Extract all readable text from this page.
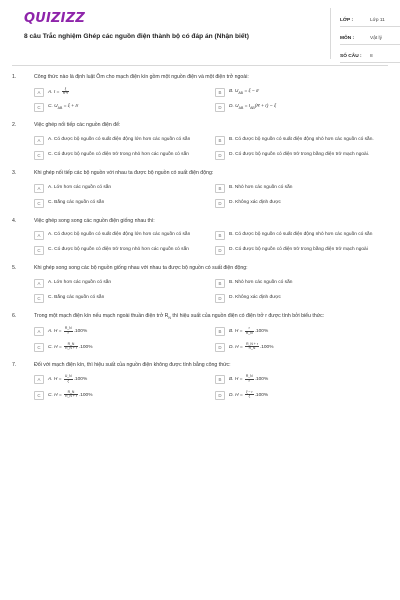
QUIZIZZ
8 câu Trắc nghiệm Ghép các nguồn điện thành bộ có đáp án (Nhận biết)
LỚP :	Lớp 11
MÔN :	Vật lý
SỐ CÂU :	8
1.	Công thức nào là định luật Ôm cho mạch điện kín gồm một nguồn điện và một điện trở ngoài:
A	A. $I = \frac{\xi}{R+r}$	B	B. $U_{AB} = \xi - Ir$
C	C. $U_{AB} = \xi + Ir$	D	D. $U_{AB} = I_{AB}(R + r) - \xi$
2.	Việc ghép nối tiếp các nguồn điện để:
A	A. Có được bộ nguồn có suất điện động lớn hơn các nguồn có sẵn	B	B. Có được bộ nguồn có suất điện động nhỏ hơn các nguồn có sẵn.
C	C. Có được bộ nguồn có điện trở trong nhỏ hơn các nguồn có sẵn	D	D. Có được bộ nguồn có điện trở trong bằng điện trở mạch ngoài.
3.	Khi ghép nối tiếp các bộ nguồn với nhau ta được bộ nguồn có suất điện động:
A	A. Lớn hơn các nguồn có sẵn	B	B. Nhỏ hơn các nguồn có sẵn
C	C. Bằng các nguồn có sẵn	D	D. Không xác định được
4.	Việc ghép song song các nguồn điện giống nhau thì:
A	A. Có được bộ nguồn có suất điện động lớn hơn các nguồn có sẵn	B	B. Có được bộ nguồn có suất điện động nhỏ hơn các nguồn có sẵn
C	C. Có được bộ nguồn có điện trở trong nhỏ hơn các nguồn có sẵn	D	D. Có được bộ nguồn có điện trở trong bằng điện trở mạch ngoài
5.	Khi ghép song song các bộ nguồn giống nhau với nhau ta được bộ nguồn có suất điện động:
A	A. Lớn hơn các nguồn có sẵn	B	B. Nhỏ hơn các nguồn có sẵn
C	C. Bằng các nguồn có sẵn	D	D. Không xác định được
6.	Trong một mạch điện kín nếu mạch ngoài thuần điện trở $R_N$ thì hiệu suất của nguồn điện có điện trở r được tính bởi biểu thức:
A	A. $H = \frac{R\_N}{r} .100\%$	B	B. $H = \frac{r}{R\_N} .100\%$
C	C. $H = \frac{R\_N}{R\_N + r} .100\%$	D	D. $H = \frac{R\_N + r}{R\_N} .100\%$
7.	Đối với mạch điện kín, thì hiệu suất của nguồn điện không được tính bằng công thức:
A	A. $H = \frac{U\_N}{\xi} .100\%$	B	B. $H = \frac{R\_N}{r} .100\%$
C	C. $H = \frac{R\_N}{R\_N + r} .100\%$	D	D. $H = \frac{\xi - r}{\xi} .100\%$
